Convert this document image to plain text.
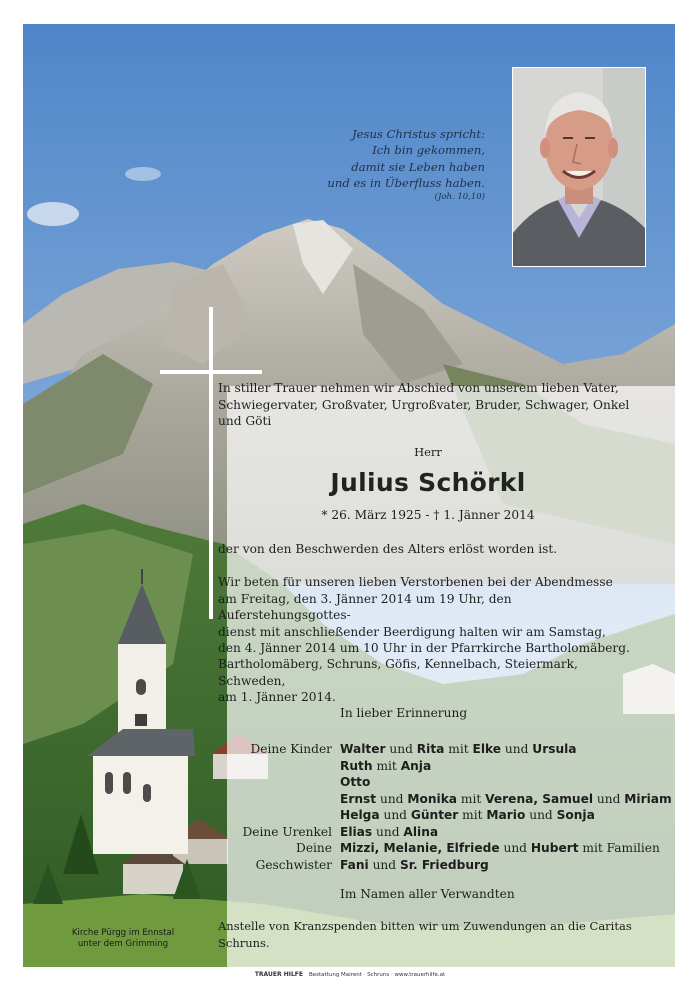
Jesus Christus spricht:
Ich bin gekommen,
damit sie Leben haben
und es in Überfluss haben.
(Joh. 10,10)
Kirche Pürgg im Ennstal
unter dem Grimming
In stiller Trauer nehmen wir Abschied von unserem lieben Vater, Schwiegervater, Großvater, Urgroßvater, Bruder, Schwager, Onkel und Göti
Herr
Julius Schörkl
* 26. März 1925 - † 1. Jänner 2014
der von den Beschwerden des Alters erlöst worden ist.
Wir beten für unseren lieben Verstorbenen bei der Abendmesse
am Freitag, den 3. Jänner 2014 um 19 Uhr, den Auferstehungsgottes-
dienst mit anschließender Beerdigung halten wir am Samstag,
den 4. Jänner 2014 um 10 Uhr in der Pfarrkirche Bartholomäberg.
Bartholomäberg, Schruns, Göfis, Kennelbach, Steiermark, Schweden,
am 1. Jänner 2014.
In lieber Erinnerung
Deine Kinder Walter und Rita mit Elke und Ursula
Ruth mit Anja
Otto
Ernst und Monika mit Verena, Samuel und Miriam
Helga und Günter mit Mario und Sonja
Deine Urenkel Elias und Alina
Deine Geschwister
Mizzi, Melanie, Elfriede und Hubert mit Familien
Fani und Sr. Friedburg
Im Namen aller Verwandten
Anstelle von Kranzspenden bitten wir um Zuwendungen an die Caritas Schruns.
TRAUER HILFE Bestattung Mairent · Schruns · www.trauerhilfe.at
